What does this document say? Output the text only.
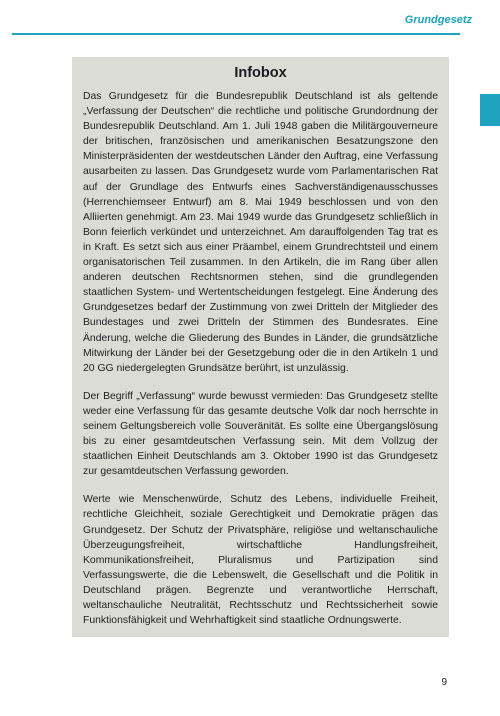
Grundgesetz
Infobox

Das Grundgesetz für die Bundesrepublik Deutschland ist als geltende „Verfassung der Deutschen“ die rechtliche und politische Grundordnung der Bundesrepublik Deutschland. Am 1. Juli 1948 gaben die Militärgouverneure der britischen, französischen und amerikanischen Besatzungszone den Ministerpräsidenten der westdeutschen Länder den Auftrag, eine Verfassung ausarbeiten zu lassen. Das Grundgesetz wurde vom Parlamentarischen Rat auf der Grundlage des Entwurfs eines Sachverständigenausschusses (Herrenchiemseer Entwurf) am 8. Mai 1949 beschlossen und von den Alliierten genehmigt. Am 23. Mai 1949 wurde das Grundgesetz schließlich in Bonn feierlich verkündet und unterzeichnet. Am darauffolgenden Tag trat es in Kraft. Es setzt sich aus einer Präambel, einem Grundrechtsteil und einem organisatorischen Teil zusammen. In den Artikeln, die im Rang über allen anderen deutschen Rechtsnormen stehen, sind die grundlegenden staatlichen System- und Wertentscheidungen festgelegt. Eine Änderung des Grundgesetzes bedarf der Zustimmung von zwei Dritteln der Mitglieder des Bundestages und zwei Dritteln der Stimmen des Bundesrates. Eine Änderung, welche die Gliederung des Bundes in Länder, die grundsätzliche Mitwirkung der Länder bei der Gesetzgebung oder die in den Artikeln 1 und 20 GG niedergelegten Grundsätze berührt, ist unzulässig.

Der Begriff „Verfassung“ wurde bewusst vermieden: Das Grundgesetz stellte weder eine Verfassung für das gesamte deutsche Volk dar noch herrschte in seinem Geltungsbereich volle Souveränität. Es sollte eine Übergangslösung bis zu einer gesamtdeutschen Verfassung sein. Mit dem Vollzug der staatlichen Einheit Deutschlands am 3. Oktober 1990 ist das Grundgesetz zur gesamtdeutschen Verfassung geworden.

Werte wie Menschenwürde, Schutz des Lebens, individuelle Freiheit, rechtliche Gleichheit, soziale Gerechtigkeit und Demokratie prägen das Grundgesetz. Der Schutz der Privatsphäre, religiöse und weltanschauliche Überzeugungsfreiheit, wirtschaftliche Handlungsfreiheit, Kommunikationsfreiheit, Pluralismus und Partizipation sind Verfassungswerte, die die Lebenswelt, die Gesellschaft und die Politik in Deutschland prägen. Begrenzte und verantwortliche Herrschaft, weltanschauliche Neutralität, Rechtsschutz und Rechtssicherheit sowie Funktionsfähigkeit und Wehrhaftigkeit sind staatliche Ordnungswerte.

9
